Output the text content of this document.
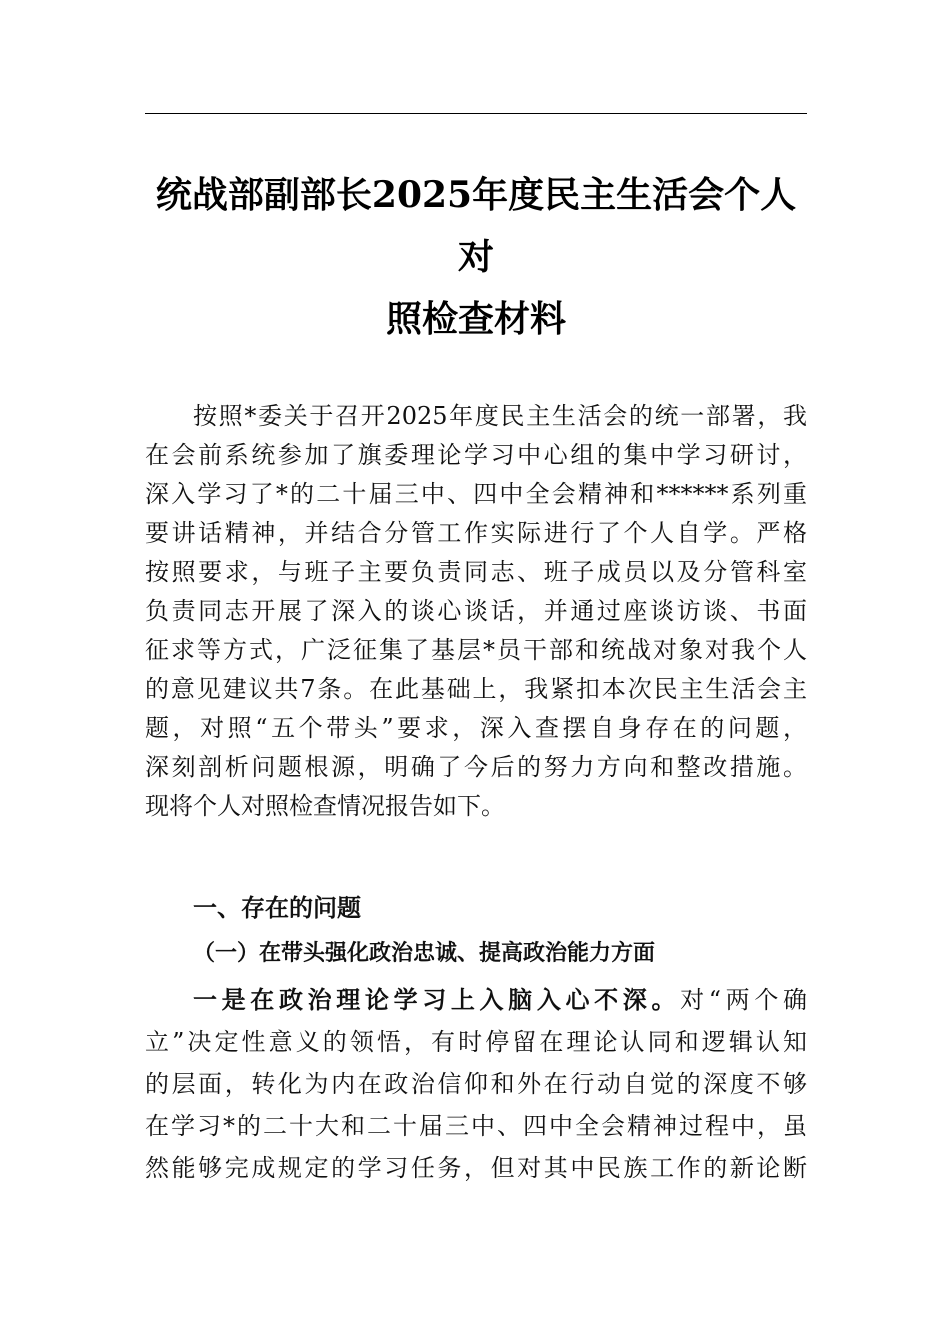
统战部副部长2025年度民主生活会个人对
照检查材料
按照*委关于召开2025年度民主生活会的统一部署，我
在会前系统参加了旗委理论学习中心组的集中学习研讨，
深入学习了*的二十届三中、四中全会精神和******系列重
要讲话精神，并结合分管工作实际进行了个人自学。严格
按照要求，与班子主要负责同志、班子成员以及分管科室
负责同志开展了深入的谈心谈话，并通过座谈访谈、书面
征求等方式，广泛征集了基层*员干部和统战对象对我个人
的意见建议共7条。在此基础上，我紧扣本次民主生活会主
题，对照“五个带头”要求，深入查摆自身存在的问题，
深刻剖析问题根源，明确了今后的努力方向和整改措施。
现将个人对照检查情况报告如下。
一、存在的问题
（一）在带头强化政治忠诚、提高政治能力方面
一是在政治理论学习上入脑入心不深。对“两个确
立”决定性意义的领悟，有时停留在理论认同和逻辑认知
的层面，转化为内在政治信仰和外在行动自觉的深度不够
在学习*的二十大和二十届三中、四中全会精神过程中，虽
然能够完成规定的学习任务，但对其中民族工作的新论断
